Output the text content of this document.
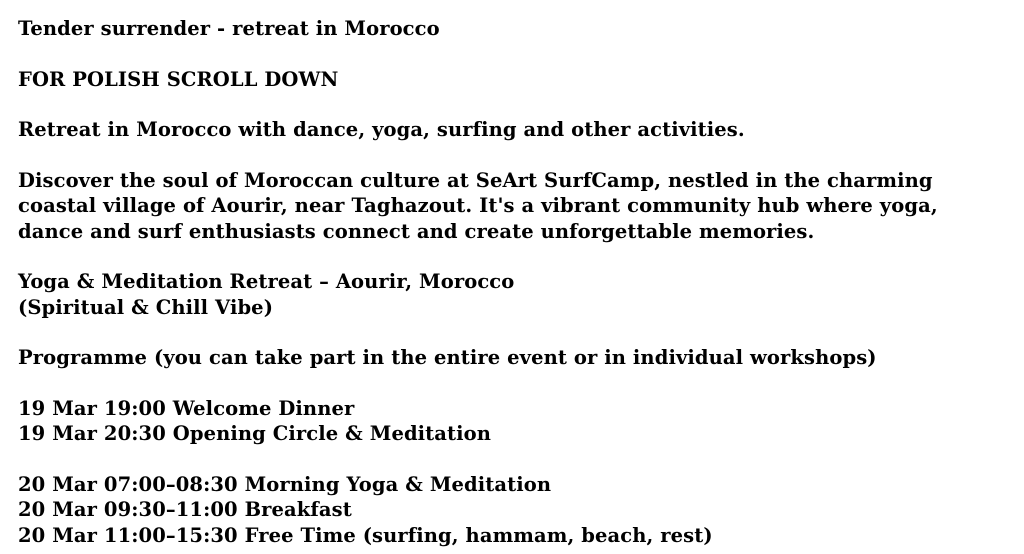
Tender surrender - retreat in Morocco

FOR POLISH SCROLL DOWN

Retreat in Morocco with dance, yoga, surfing and other activities.

Discover the soul of Moroccan culture at SeArt SurfCamp, nestled in the charming coastal village of Aourir, near Taghazout. It's a vibrant community hub where yoga, dance and surf enthusiasts connect and create unforgettable memories.

Yoga & Meditation Retreat – Aourir, Morocco
(Spiritual & Chill Vibe)

Programme (you can take part in the entire event or in individual workshops)

19 Mar 19:00 Welcome Dinner
19 Mar 20:30 Opening Circle & Meditation

20 Mar 07:00–08:30 Morning Yoga & Meditation
20 Mar 09:30–11:00 Breakfast
20 Mar 11:00–15:30 Free Time (surfing, hammam, beach, rest)
